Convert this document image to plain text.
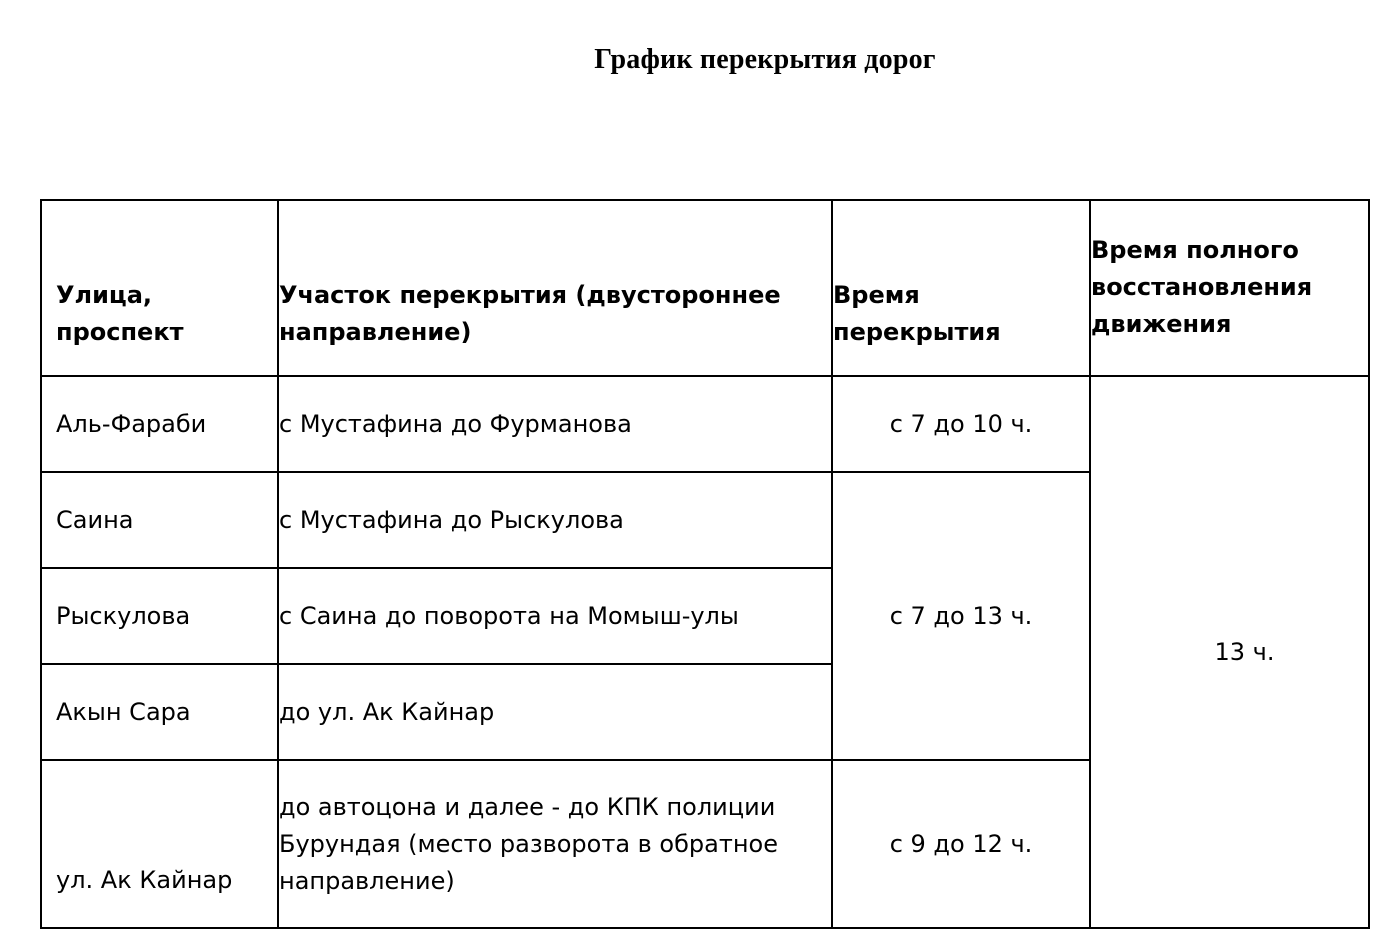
График перекрытия дорог
Улица, проспект	Участок перекрытия (двустороннее направление)	Время перекрытия	Время полного восстановления движения
Аль-Фараби	с Мустафина до Фурманова	с 7 до 10 ч.	13 ч.
Саина	с Мустафина до Рыскулова	с 7 до 13 ч.	
Рыскулова	с Саина до поворота на Момыш-улы		
Акын Сара	до ул. Ак Кайнар		
ул. Ак Кайнар	до автоцона и далее - до КПК полиции Бурундая (место разворота в обратное направление)	с 9 до 12 ч.	
